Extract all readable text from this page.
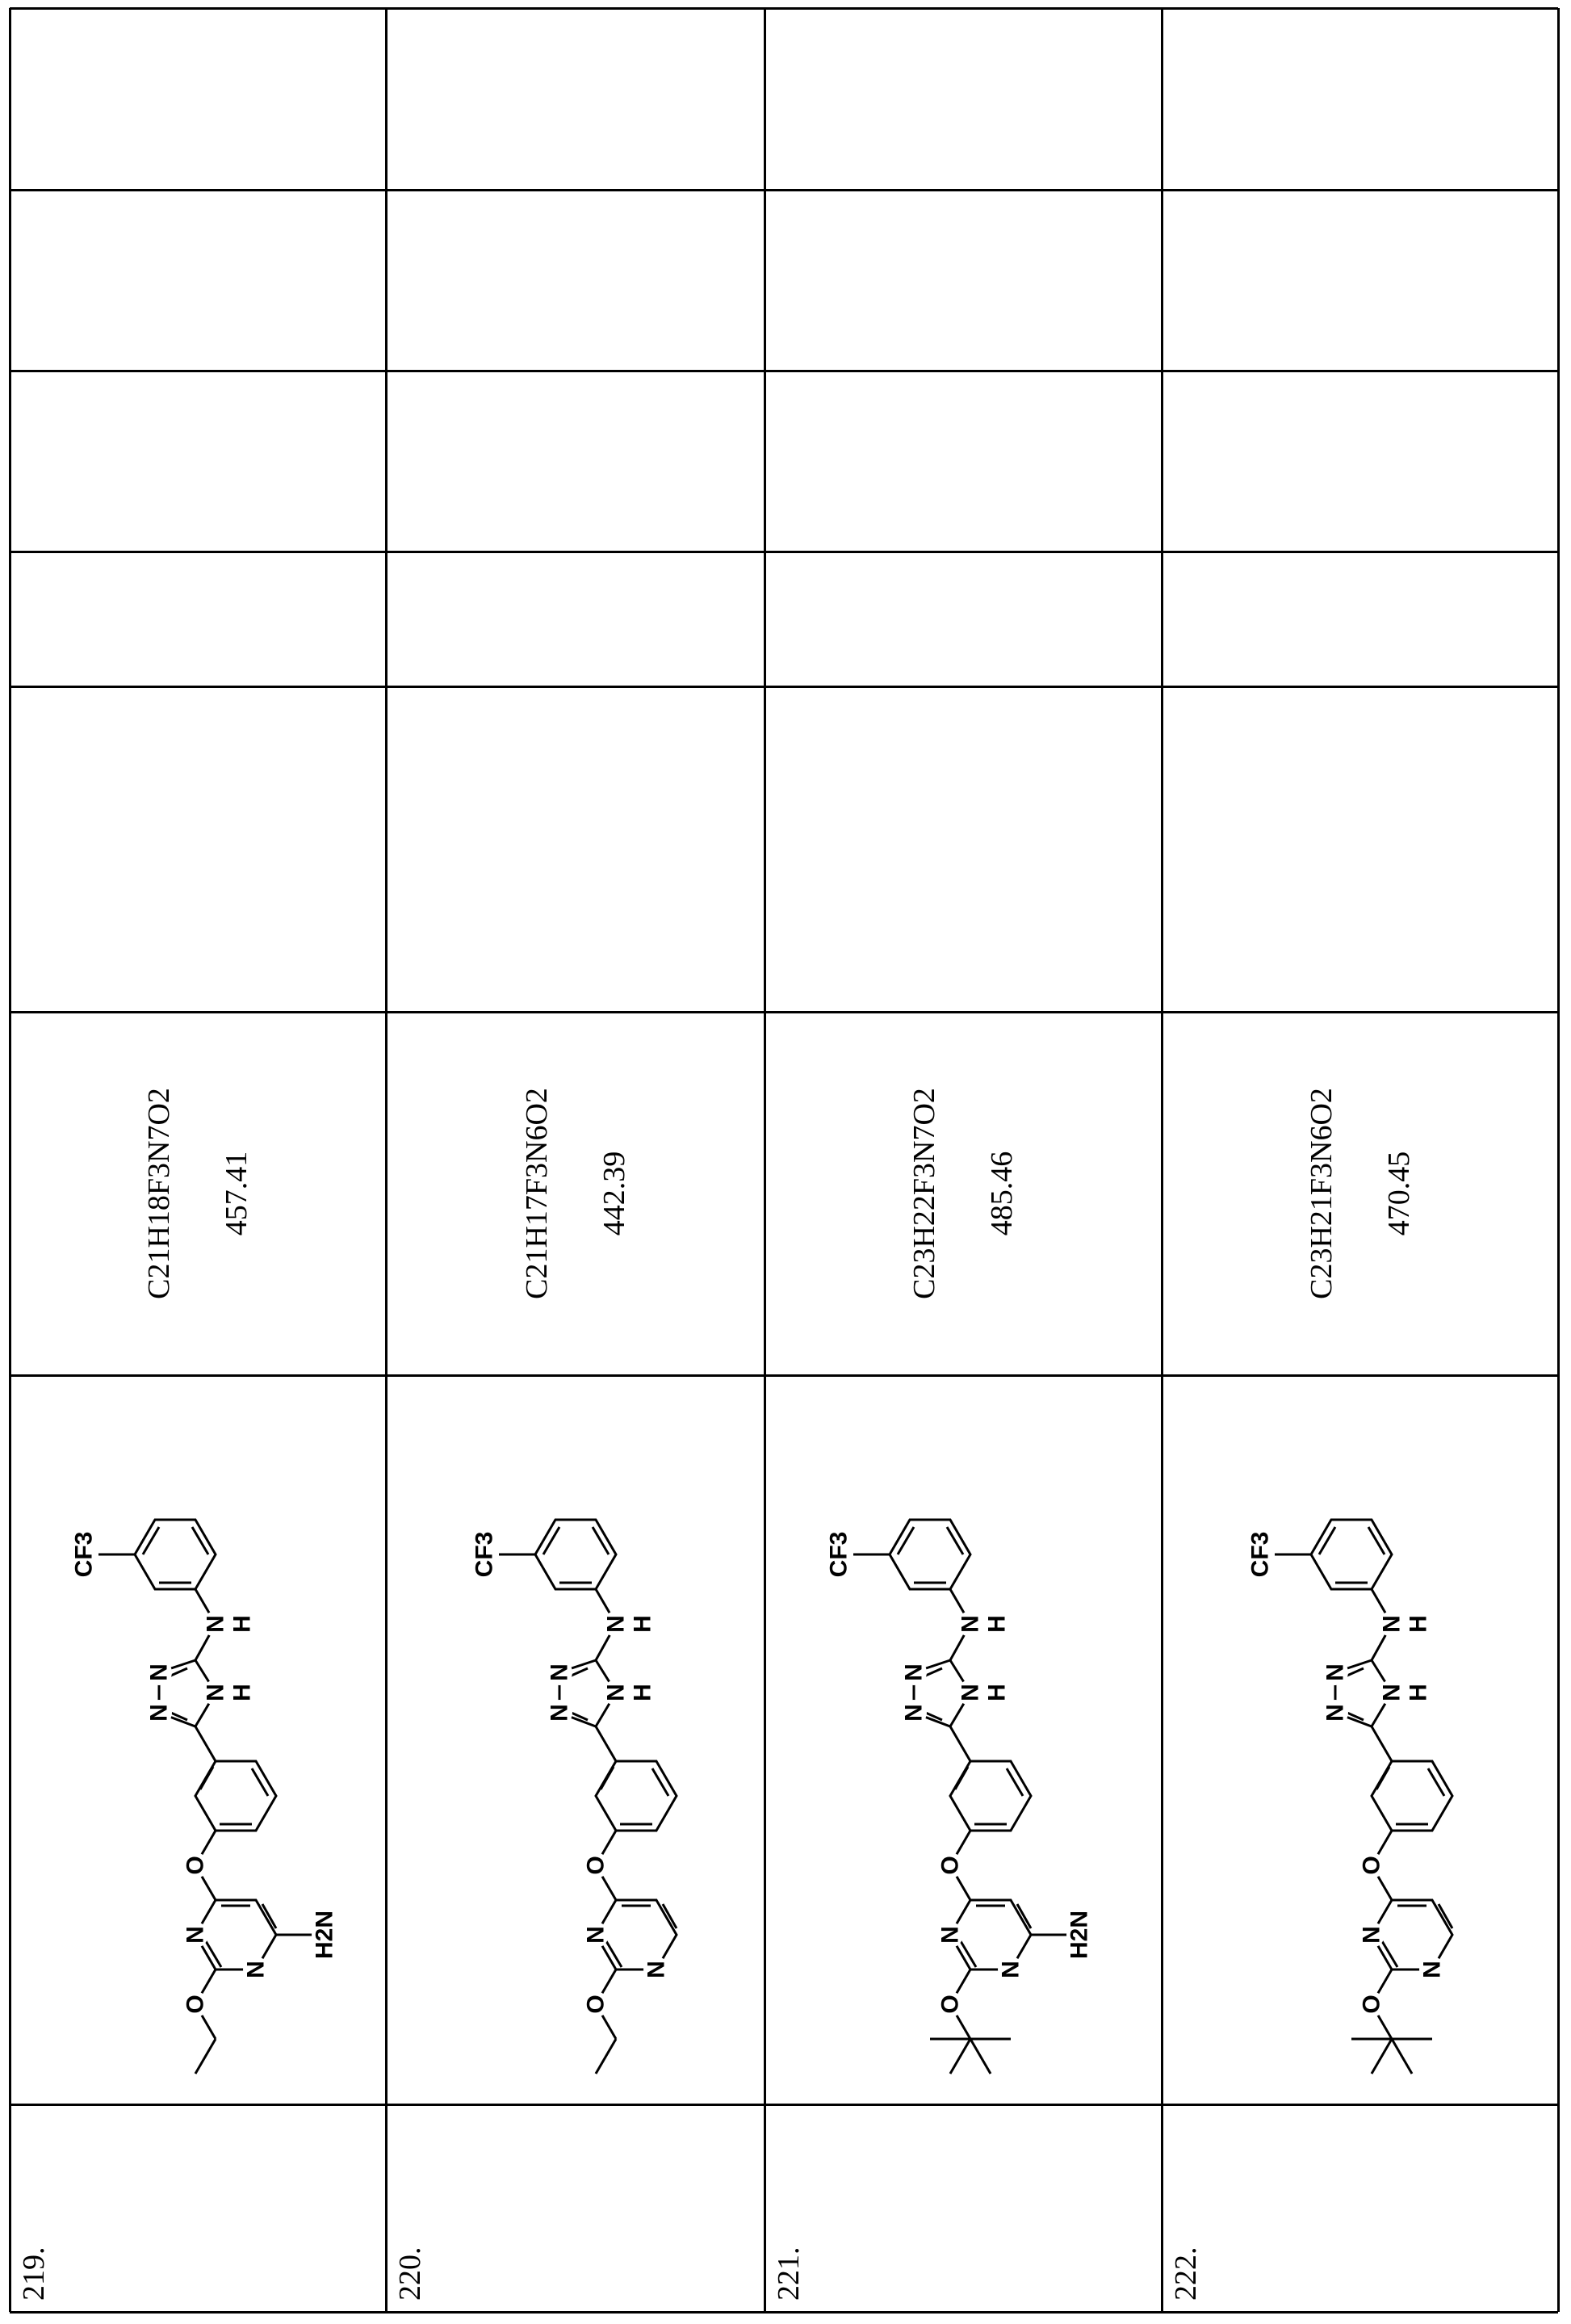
C21H18F3N7O2	457.41
219.
N
N
O
O
H2N
N
N
N H
N H
CF3
C21H17F3N6O2	442.39
220.
N
N
O
O
N
N
N H
N H
CF3
C23H22F3N7O2	485.46
221.
N
N
O
O
H2N
N
N
N H
N H
CF3
C23H21F3N6O2	470.45
222.
N
N
O
O
N
N
N H
N H
CF3
